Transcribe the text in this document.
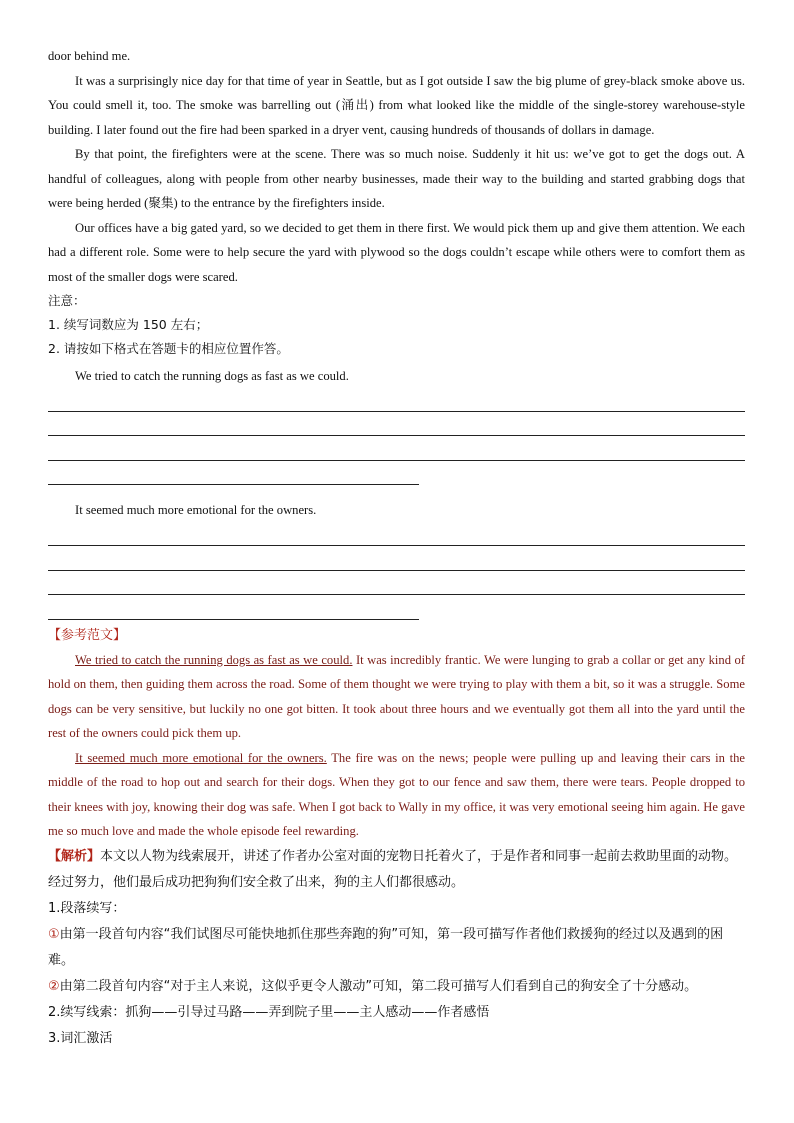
door behind me.

It was a surprisingly nice day for that time of year in Seattle, but as I got outside I saw the big plume of grey-black smoke above us. You could smell it, too. The smoke was barrelling out (涌出) from what looked like the middle of the single-storey warehouse-style building. I later found out the fire had been sparked in a dryer vent, causing hundreds of thousands of dollars in damage.

By that point, the firefighters were at the scene. There was so much noise. Suddenly it hit us: we’ve got to get the dogs out. A handful of colleagues, along with people from other nearby businesses, made their way to the building and started grabbing dogs that were being herded (聚集) to the entrance by the firefighters inside.

Our offices have a big gated yard, so we decided to get them in there first. We would pick them up and give them attention. We each had a different role. Some were to help secure the yard with plywood so the dogs couldn’t escape while others were to comfort them as most of the smaller dogs were scared.

注意：

1. 续写词数应为 150 左右；

2. 请按如下格式在答题卡的相应位置作答。

We tried to catch the running dogs as fast as we could.

It seemed much more emotional for the owners.

【参考范文】

We tried to catch the running dogs as fast as we could. It was incredibly frantic. We were lunging to grab a collar or get any kind of hold on them, then guiding them across the road. Some of them thought we were trying to play with them a bit, so it was a struggle. Some dogs can be very sensitive, but luckily no one got bitten. It took about three hours and we eventually got them all into the yard until the rest of the owners could pick them up.

It seemed much more emotional for the owners. The fire was on the news; people were pulling up and leaving their cars in the middle of the road to hop out and search for their dogs. When they got to our fence and saw them, there were tears. People dropped to their knees with joy, knowing their dog was safe. When I got back to Wally in my office, it was very emotional seeing him again. He gave me so much love and made the whole episode feel rewarding.

【解析】本文以人物为线索展开，讲述了作者办公室对面的宠物日托着火了，于是作者和同事一起前去救助里面的动物。经过努力，他们最后成功把狗狗们安全救了出来，狗的主人们都很感动。

1.段落续写：

①由第一段首句内容“我们试图尽可能快地抓住那些奔跑的狗”可知，第一段可描写作者他们救援狗的经过以及遇到的困难。

②由第二段首句内容“对于主人来说，这似乎更令人激动”可知，第二段可描写人们看到自己的狗安全了十分感动。

2.续写线索：抓狗——引导过马路——弄到院子里——主人感动——作者感悟

3.词汇激活
